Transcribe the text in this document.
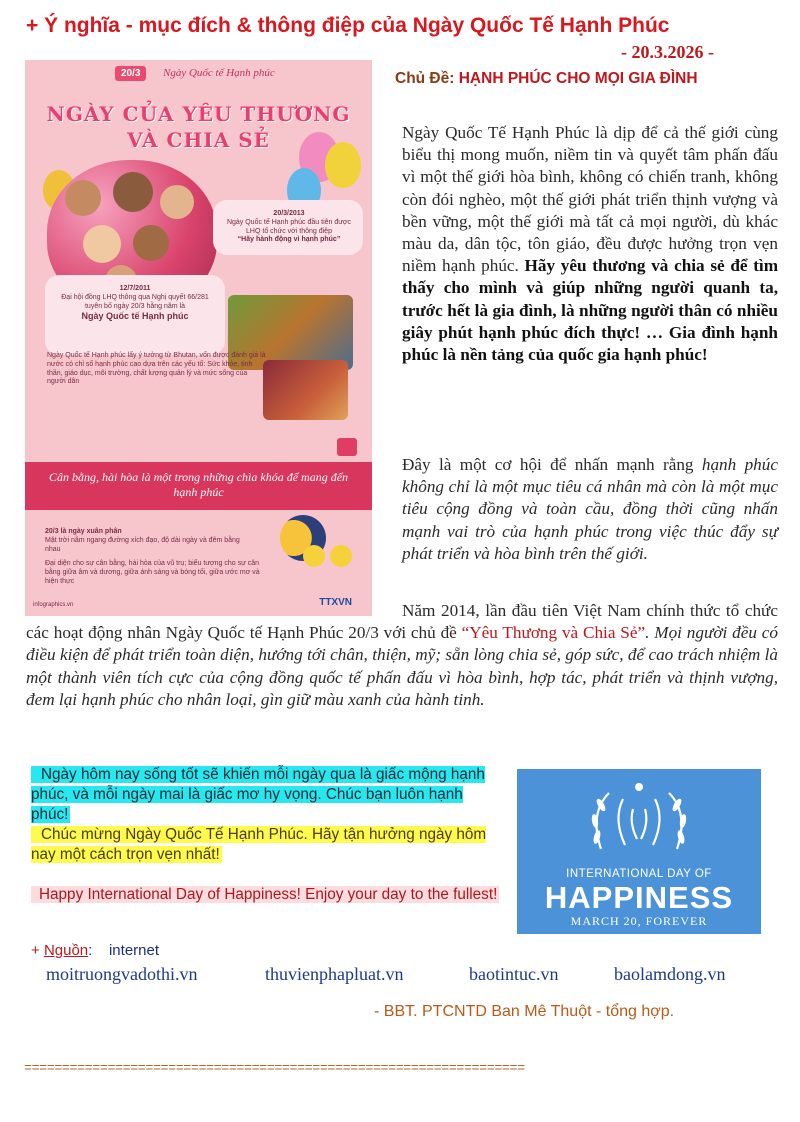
+ Ý nghĩa - mục đích & thông điệp của Ngày Quốc Tế Hạnh Phúc
- 20.3.2026 -
Chủ Đề: HẠNH PHÚC CHO MỌI GIA ĐÌNH
20/3	Ngày Quốc tế Hạnh phúc
NGÀY CỦA YÊU THƯƠNG
VÀ CHIA SẺ
20/3/2013
Ngày Quốc tế Hạnh phúc đầu tiên được LHQ tổ chức với thông điệp
“Hãy hành động vì hạnh phúc”
12/7/2011
Đại hội đồng LHQ thông qua Nghị quyết 66/281
tuyên bố ngày 20/3 hằng năm là
Ngày Quốc tế Hạnh phúc
Ngày Quốc tế Hạnh phúc lấy ý tưởng từ Bhutan, vốn được đánh giá là nước có chỉ số hạnh phúc cao dựa trên các yếu tố: Sức khỏe, tinh thần, giáo dục, môi trường, chất lượng quản lý và mức sống của người dân
Cân bằng, hài hòa là một trong những chìa khóa để mang đến hạnh phúc
20/3 là ngày xuân phân
Mặt trời nằm ngang đường xích đạo, độ dài ngày và đêm bằng nhau
Đại diện cho sự cân bằng, hài hòa của vũ trụ; biểu tượng cho sự cân bằng giữa âm và dương, giữa ánh sáng và bóng tối, giữa ước mơ và hiện thực
infographics.vn	TTXVN
Ngày Quốc Tế Hạnh Phúc là dịp để cả thế giới cùng biểu thị mong muốn, niềm tin và quyết tâm phấn đấu vì một thế giới hòa bình, không có chiến tranh, không còn đói nghèo, một thế giới phát triển thịnh vượng và bền vững, một thế giới mà tất cả mọi người, dù khác màu da, dân tộc, tôn giáo, đều được hưởng trọn vẹn niềm hạnh phúc. Hãy yêu thương và chia sẻ để tìm thấy cho mình và giúp những người quanh ta, trước hết là gia đình, là những người thân có nhiều giây phút hạnh phúc đích thực! … Gia đình hạnh phúc là nền tảng của quốc gia hạnh phúc!
Đây là một cơ hội để nhấn mạnh rằng hạnh phúc không chỉ là một mục tiêu cá nhân mà còn là một mục tiêu cộng đồng và toàn cầu, đồng thời cũng nhấn mạnh vai trò của hạnh phúc trong việc thúc đẩy sự phát triển và hòa bình trên thế giới.
Năm 2014, lần đầu tiên Việt Nam chính thức tổ chức các hoạt động nhân Ngày Quốc tế Hạnh Phúc 20/3 với chủ đề “Yêu Thương và Chia Sẻ”. Mọi người đều có điều kiện để phát triển toàn diện, hướng tới chân, thiện, mỹ; sẵn lòng chia sẻ, góp sức, để cao trách nhiệm là một thành viên tích cực của cộng đồng quốc tế phấn đấu vì hòa bình, hợp tác, phát triển và thịnh vượng, đem lại hạnh phúc cho nhân loại, gìn giữ màu xanh của hành tinh.
Ngày hôm nay sống tốt sẽ khiến mỗi ngày qua là giấc mộng hạnh phúc, và mỗi ngày mai là giấc mơ hy vọng. Chúc bạn luôn hạnh phúc!
Chúc mừng Ngày Quốc Tế Hạnh Phúc. Hãy tận hưởng ngày hôm nay một cách trọn vẹn nhất!
Happy International Day of Happiness! Enjoy your day to the fullest!
INTERNATIONAL DAY OF
HAPPINESS
MARCH 20, FOREVER
+ Nguồn:    internet
moitruongvadothi.vn	thuvienphapluat.vn	baotintuc.vn	baolamdong.vn
- BBT. PTCNTD Ban Mê Thuột - tổng hợp.
==================================================================
